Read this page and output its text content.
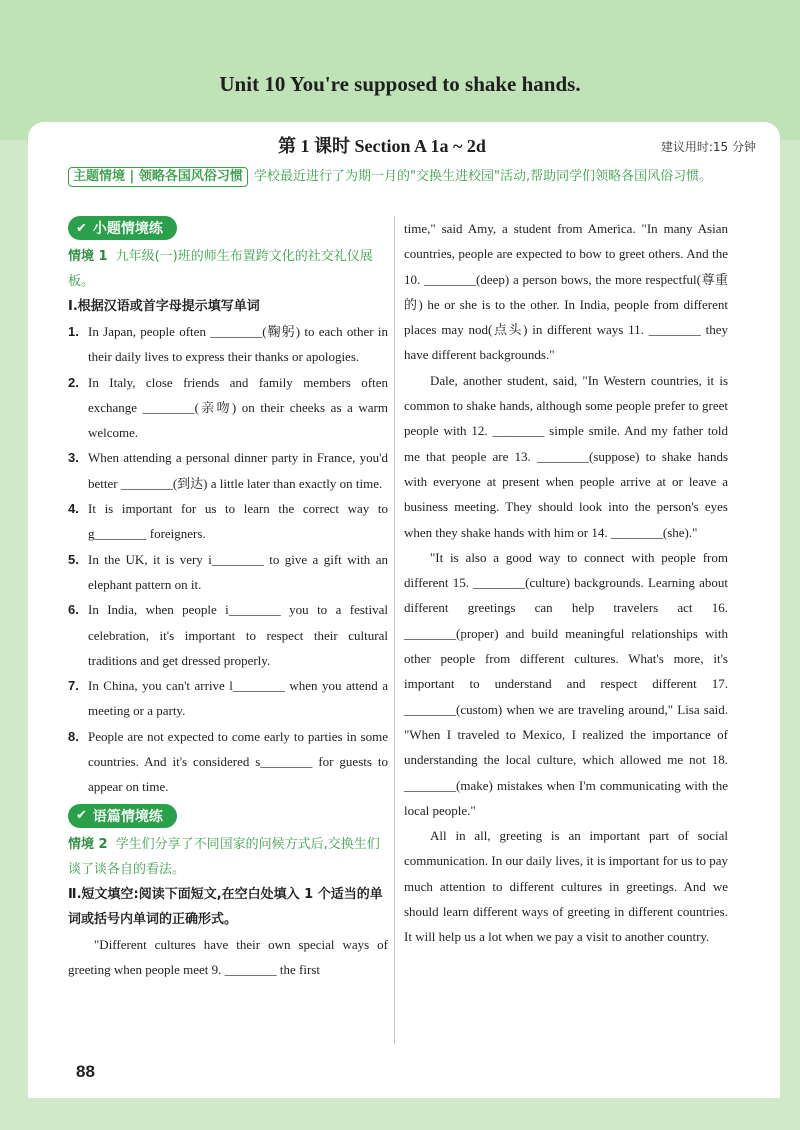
Unit 10 You're supposed to shake hands.
第 1 课时 Section A 1a ~ 2d	建议用时:15 分钟
主题情境 | 领略各国风俗习惯 学校最近进行了为期一月的"交换生进校园"活动,帮助同学们领略各国风俗习惯。
✔ 小题情境练
情境 1 九年级(一)班的师生布置跨文化的社交礼仪展板。
Ⅰ.根据汉语或首字母提示填写单词
1. In Japan, people often ________(鞠躬) to each other in their daily lives to express their thanks or apologies.
2. In Italy, close friends and family members often exchange ________(亲吻) on their cheeks as a warm welcome.
3. When attending a personal dinner party in France, you'd better ________(到达) a little later than exactly on time.
4. It is important for us to learn the correct way to g________ foreigners.
5. In the UK, it is very i________ to give a gift with an elephant pattern on it.
6. In India, when people i________ you to a festival celebration, it's important to respect their cultural traditions and get dressed properly.
7. In China, you can't arrive l________ when you attend a meeting or a party.
8. People are not expected to come early to parties in some countries. And it's considered s________ for guests to appear on time.
✔ 语篇情境练
情境 2 学生们分享了不同国家的问候方式后,交换生们谈了谈各自的看法。
Ⅱ.短文填空:阅读下面短文,在空白处填入 1 个适当的单词或括号内单词的正确形式。

"Different cultures have their own special ways of greeting when people meet 9. ________ the first

time," said Amy, a student from America. "In many Asian countries, people are expected to bow to greet others. And the 10. ________(deep) a person bows, the more respectful(尊重的) he or she is to the other. In India, people from different places may nod(点头) in different ways 11. ________ they have different backgrounds."

Dale, another student, said, "In Western countries, it is common to shake hands, although some people prefer to greet people with 12. ________ simple smile. And my father told me that people are 13. ________(suppose) to shake hands with everyone at present when people arrive at or leave a business meeting. They should look into the person's eyes when they shake hands with him or 14. ________(she)."

"It is also a good way to connect with people from different 15. ________(culture) backgrounds. Learning about different greetings can help travelers act 16. ________(proper) and build meaningful relationships with other people from different cultures. What's more, it's important to understand and respect different 17. ________(custom) when we are traveling around," Lisa said. "When I traveled to Mexico, I realized the importance of understanding the local culture, which allowed me not 18. ________(make) mistakes when I'm communicating with the local people."

All in all, greeting is an important part of social communication. In our daily lives, it is important for us to pay much attention to different cultures in greetings. And we should learn different ways of greeting in different countries. It will help us a lot when we pay a visit to another country.

88
